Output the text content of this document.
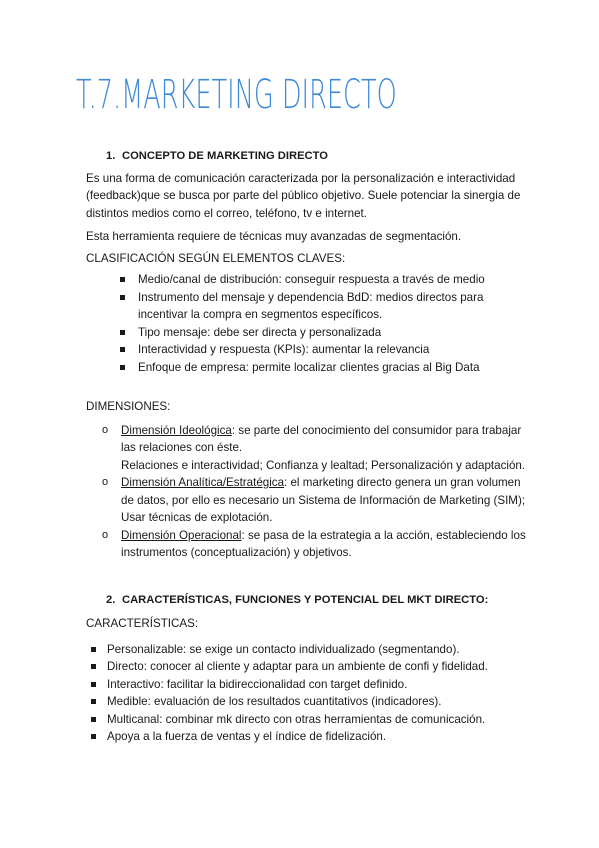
T.7.MARKETING DIRECTO
1. CONCEPTO DE MARKETING DIRECTO

Es una forma de comunicación caracterizada por la personalización e interactividad (feedback)que se busca por parte del público objetivo. Suele potenciar la sinergia de distintos medios como el correo, teléfono, tv e internet.

Esta herramienta requiere de técnicas muy avanzadas de segmentación.

CLASIFICACIÓN SEGÚN ELEMENTOS CLAVES:

Medio/canal de distribución: conseguir respuesta a través de medio
Instrumento del mensaje y dependencia BdD: medios directos para incentivar la compra en segmentos específicos.
Tipo mensaje: debe ser directa y personalizada
Interactividad y respuesta (KPIs): aumentar la relevancia
Enfoque de empresa: permite localizar clientes gracias al Big Data

DIMENSIONES:

o Dimensión Ideológica: se parte del conocimiento del consumidor para trabajar las relaciones con éste.
Relaciones e interactividad; Confianza y lealtad; Personalización y adaptación.
o Dimensión Analítica/Estratégica: el marketing directo genera un gran volumen de datos, por ello es necesario un Sistema de Información de Marketing (SIM); Usar técnicas de explotación.
o Dimensión Operacional: se pasa de la estrategia a la acción, estableciendo los instrumentos (conceptualización) y objetivos.
2. CARACTERÍSTICAS, FUNCIONES Y POTENCIAL DEL MKT DIRECTO:

CARACTERÍSTICAS:

Personalizable: se exige un contacto individualizado (segmentando).
Directo: conocer al cliente y adaptar para un ambiente de confi y fidelidad.
Interactivo: facilitar la bidireccionalidad con target definido.
Medible: evaluación de los resultados cuantitativos (indicadores).
Multicanal: combinar mk directo con otras herramientas de comunicación.
Apoya a la fuerza de ventas y el índice de fidelización.
